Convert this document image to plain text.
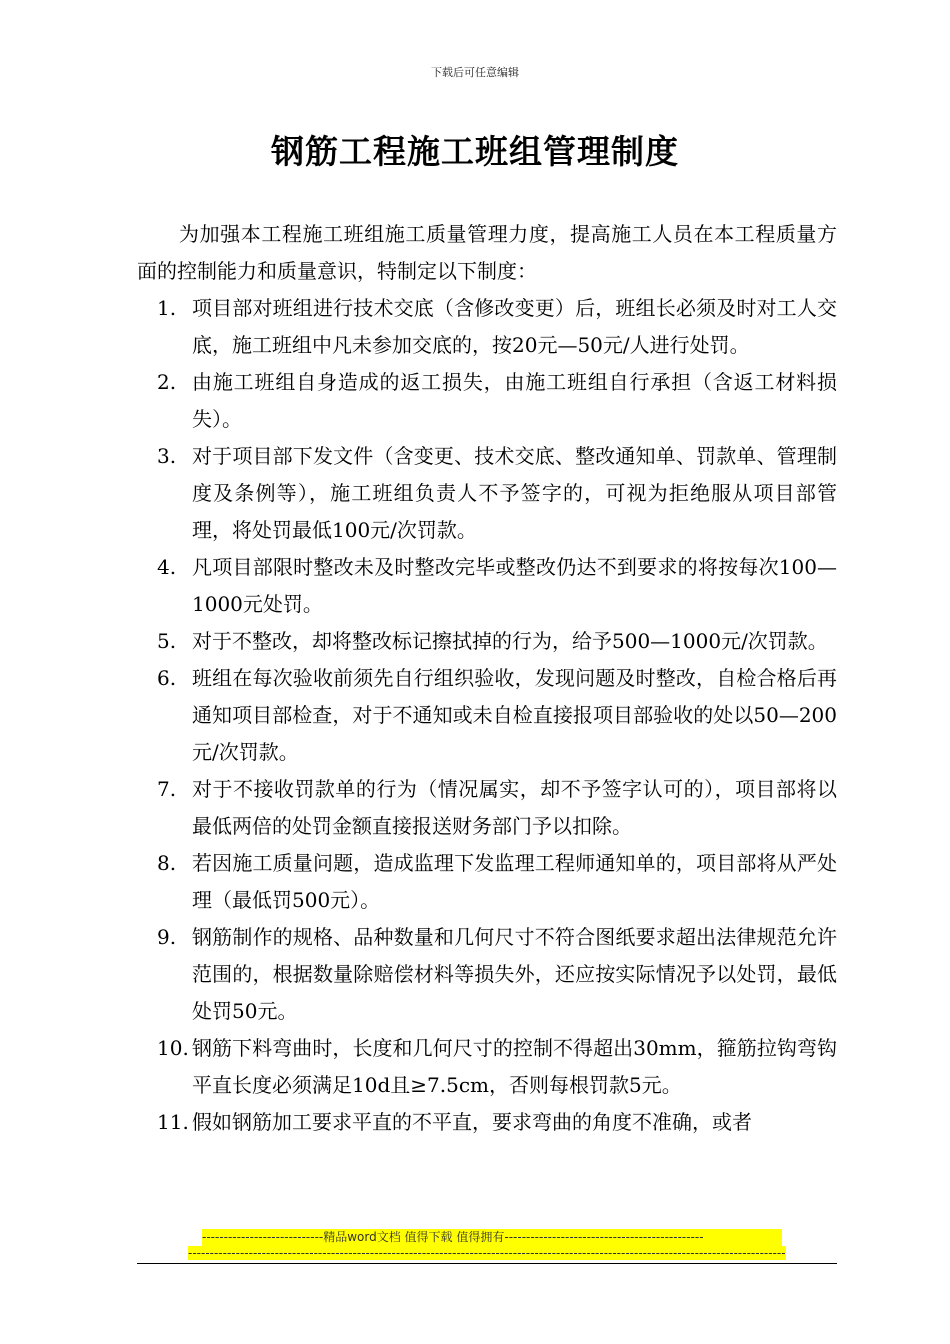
下载后可任意编辑
钢筋工程施工班组管理制度

为加强本工程施工班组施工质量管理力度，提高施工人员在本工程质量方面的控制能力和质量意识，特制定以下制度：

1. 项目部对班组进行技术交底（含修改变更）后，班组长必须及时对工人交底，施工班组中凡未参加交底的，按20元—50元/人进行处罚。
2. 由施工班组自身造成的返工损失，由施工班组自行承担（含返工材料损失）。
3. 对于项目部下发文件（含变更、技术交底、整改通知单、罚款单、管理制度及条例等），施工班组负责人不予签字的，可视为拒绝服从项目部管理，将处罚最低100元/次罚款。
4. 凡项目部限时整改未及时整改完毕或整改仍达不到要求的将按每次100—1000元处罚。
5. 对于不整改，却将整改标记擦拭掉的行为，给予500—1000元/次罚款。
6. 班组在每次验收前须先自行组织验收，发现问题及时整改，自检合格后再通知项目部检查，对于不通知或未自检直接报项目部验收的处以50—200元/次罚款。
7. 对于不接收罚款单的行为（情况属实，却不予签字认可的），项目部将以最低两倍的处罚金额直接报送财务部门予以扣除。
8. 若因施工质量问题，造成监理下发监理工程师通知单的，项目部将从严处理（最低罚500元）。
9. 钢筋制作的规格、品种数量和几何尺寸不符合图纸要求超出法律规范允许范围的，根据数量除赔偿材料等损失外，还应按实际情况予以处罚，最低处罚50元。
10. 钢筋下料弯曲时，长度和几何尺寸的控制不得超出30mm，箍筋拉钩弯钩平直长度必须满足10d且≥7.5cm，否则每根罚款5元。
11. 假如钢筋加工要求平直的不平直，要求弯曲的角度不准确，或者
----------------------------精品word文档 值得下载 值得拥有----------------------------------------------
------------------------------------------------------------------------------------------------------------------------------------------
